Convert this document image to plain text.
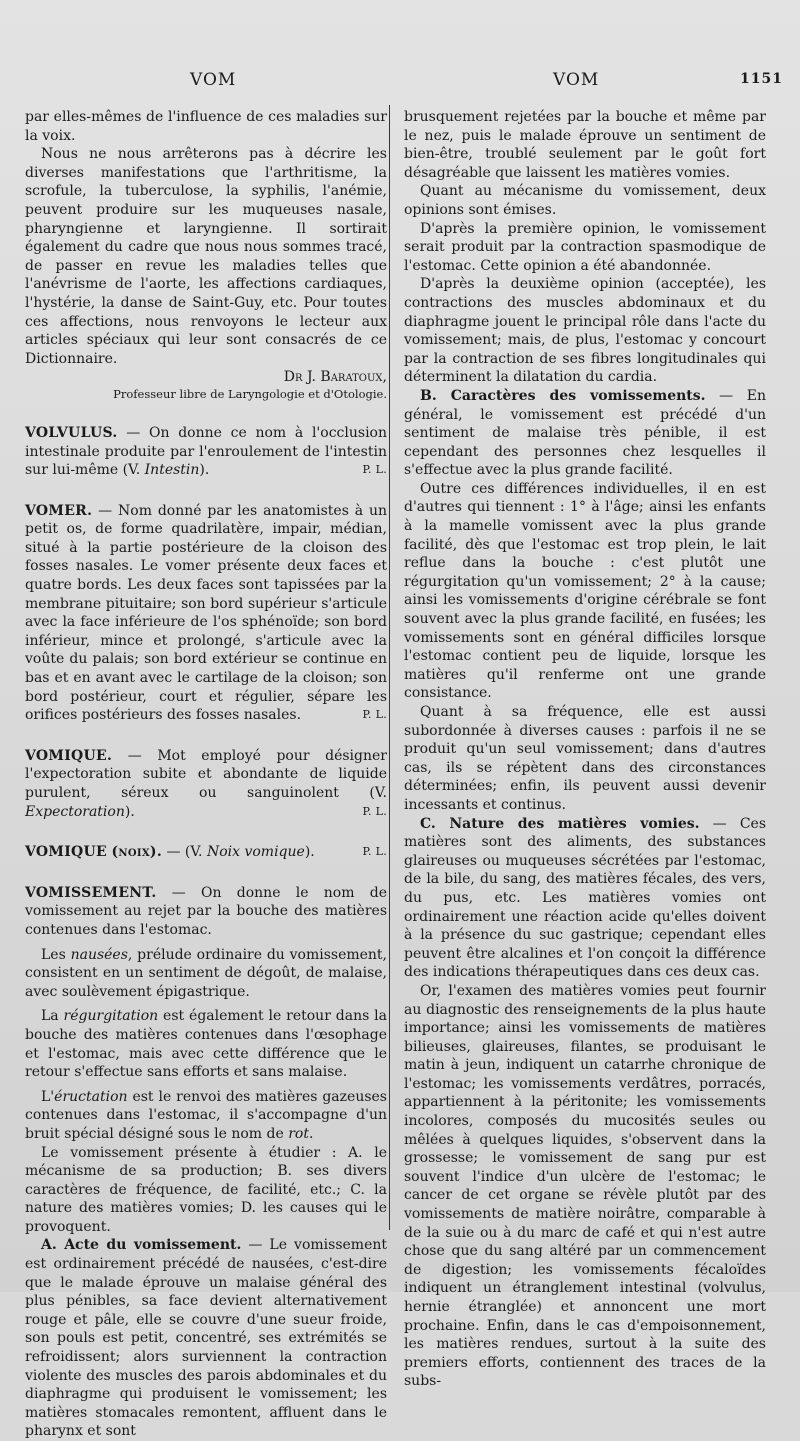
VOM	VOM	1151

par elles-mêmes de l'influence de ces maladies sur la voix.

Nous ne nous arrêterons pas à décrire les diverses manifestations que l'arthritisme, la scrofule, la tuberculose, la syphilis, l'anémie, peuvent produire sur les muqueuses nasale, pharyngienne et laryngienne. Il sortirait également du cadre que nous nous sommes tracé, de passer en revue les maladies telles que l'anévrisme de l'aorte, les affections cardiaques, l'hystérie, la danse de Saint-Guy, etc. Pour toutes ces affections, nous renvoyons le lecteur aux articles spéciaux qui leur sont consacrés de ce Dictionnaire.

Dr J. Baratoux,

Professeur libre de Laryngologie et d'Otologie.

VOLVULUS. — On donne ce nom à l'occlusion intestinale produite par l'enroulement de l'intestin sur lui-même (V. Intestin).	P. L.

VOMER. — Nom donné par les anatomistes à un petit os, de forme quadrilatère, impair, médian, situé à la partie postérieure de la cloison des fosses nasales. Le vomer présente deux faces et quatre bords. Les deux faces sont tapissées par la membrane pituitaire; son bord supérieur s'articule avec la face inférieure de l'os sphénoïde; son bord inférieur, mince et prolongé, s'articule avec la voûte du palais; son bord extérieur se continue en bas et en avant avec le cartilage de la cloison; son bord postérieur, court et régulier, sépare les orifices postérieurs des fosses nasales.	P. L.

VOMIQUE. — Mot employé pour désigner l'expectoration subite et abondante de liquide purulent, séreux ou sanguinolent (V. Expectoration).	P. L.

VOMIQUE (noix). — (V. Noix vomique).	P. L.

VOMISSEMENT. — On donne le nom de vomissement au rejet par la bouche des matières contenues dans l'estomac.

Les nausées, prélude ordinaire du vomissement, consistent en un sentiment de dégoût, de malaise, avec soulèvement épigastrique.

La régurgitation est également le retour dans la bouche des matières contenues dans l'œsophage et l'estomac, mais avec cette différence que le retour s'effectue sans efforts et sans malaise.

L'éructation est le renvoi des matières gazeuses contenues dans l'estomac, il s'accompagne d'un bruit spécial désigné sous le nom de rot.

Le vomissement présente à étudier : A. le mécanisme de sa production; B. ses divers caractères de fréquence, de facilité, etc.; C. la nature des matières vomies; D. les causes qui le provoquent.

A. Acte du vomissement. — Le vomissement est ordinairement précédé de nausées, c'est-dire que le malade éprouve un malaise général des plus pénibles, sa face devient alternativement rouge et pâle, elle se couvre d'une sueur froide, son pouls est petit, concentré, ses extrémités se refroidissent; alors surviennent la contraction violente des muscles des parois abdominales et du diaphragme qui produisent le vomissement; les matières stomacales remontent, affluent dans le pharynx et sont

brusquement rejetées par la bouche et même par le nez, puis le malade éprouve un sentiment de bien-être, troublé seulement par le goût fort désagréable que laissent les matières vomies.

Quant au mécanisme du vomissement, deux opinions sont émises.

D'après la première opinion, le vomissement serait produit par la contraction spasmodique de l'estomac. Cette opinion a été abandonnée.

D'après la deuxième opinion (acceptée), les contractions des muscles abdominaux et du diaphragme jouent le principal rôle dans l'acte du vomissement; mais, de plus, l'estomac y concourt par la contraction de ses fibres longitudinales qui déterminent la dilatation du cardia.

B. Caractères des vomissements. — En général, le vomissement est précédé d'un sentiment de malaise très pénible, il est cependant des personnes chez lesquelles il s'effectue avec la plus grande facilité.

Outre ces différences individuelles, il en est d'autres qui tiennent : 1° à l'âge; ainsi les enfants à la mamelle vomissent avec la plus grande facilité, dès que l'estomac est trop plein, le lait reflue dans la bouche : c'est plutôt une régurgitation qu'un vomissement; 2° à la cause; ainsi les vomissements d'origine cérébrale se font souvent avec la plus grande facilité, en fusées; les vomissements sont en général difficiles lorsque l'estomac contient peu de liquide, lorsque les matières qu'il renferme ont une grande consistance.

Quant à sa fréquence, elle est aussi subordonnée à diverses causes : parfois il ne se produit qu'un seul vomissement; dans d'autres cas, ils se répètent dans des circonstances déterminées; enfin, ils peuvent aussi devenir incessants et continus.

C. Nature des matières vomies. — Ces matières sont des aliments, des substances glaireuses ou muqueuses sécrétées par l'estomac, de la bile, du sang, des matières fécales, des vers, du pus, etc. Les matières vomies ont ordinairement une réaction acide qu'elles doivent à la présence du suc gastrique; cependant elles peuvent être alcalines et l'on conçoit la différence des indications thérapeutiques dans ces deux cas.

Or, l'examen des matières vomies peut fournir au diagnostic des renseignements de la plus haute importance; ainsi les vomissements de matières bilieuses, glaireuses, filantes, se produisant le matin à jeun, indiquent un catarrhe chronique de l'estomac; les vomissements verdâtres, porracés, appartiennent à la péritonite; les vomissements incolores, composés du mucosités seules ou mêlées à quelques liquides, s'observent dans la grossesse; le vomissement de sang pur est souvent l'indice d'un ulcère de l'estomac; le cancer de cet organe se révèle plutôt par des vomissements de matière noirâtre, comparable à de la suie ou à du marc de café et qui n'est autre chose que du sang altéré par un commencement de digestion; les vomissements fécaloïdes indiquent un étranglement intestinal (volvulus, hernie étranglée) et annoncent une mort prochaine. Enfin, dans le cas d'empoisonnement, les matières rendues, surtout à la suite des premiers efforts, contiennent des traces de la subs-
